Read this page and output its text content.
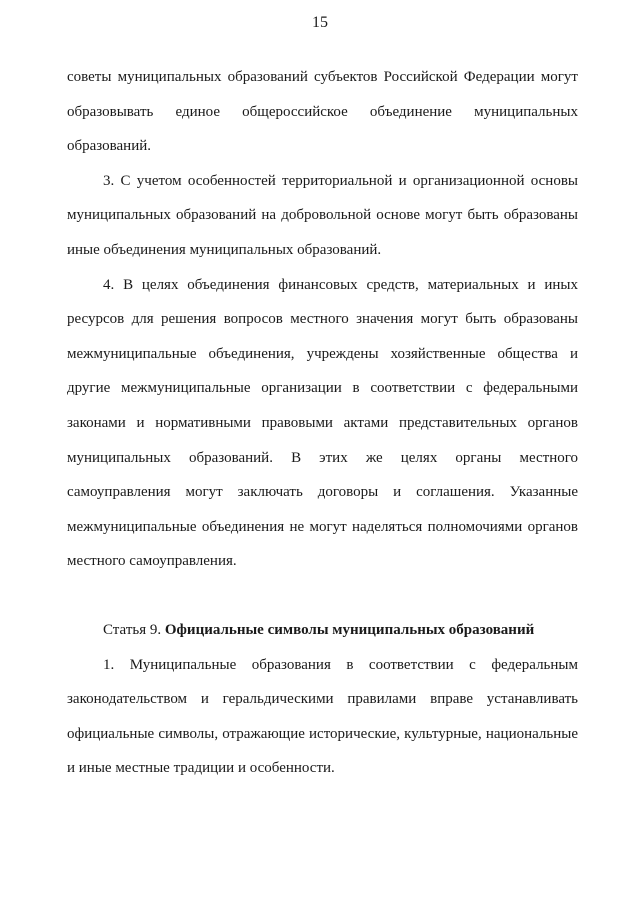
15

советы муниципальных образований субъектов Российской Федерации могут образовывать единое общероссийское объединение муниципальных образований.

3. С учетом особенностей территориальной и организационной основы муниципальных образований на добровольной основе могут быть образованы иные объединения муниципальных образований.

4. В целях объединения финансовых средств, материальных и иных ресурсов для решения вопросов местного значения могут быть образованы межмуниципальные объединения, учреждены хозяйственные общества и другие межмуниципальные организации в соответствии с федеральными законами и нормативными правовыми актами представительных органов муниципальных образований. В этих же целях органы местного самоуправления могут заключать договоры и соглашения. Указанные межмуниципальные объединения не могут наделяться полномочиями органов местного самоуправления.

Статья 9. Официальные символы муниципальных образований

1. Муниципальные образования в соответствии с федеральным законодательством и геральдическими правилами вправе устанавливать официальные символы, отражающие исторические, культурные, национальные и иные местные традиции и особенности.
